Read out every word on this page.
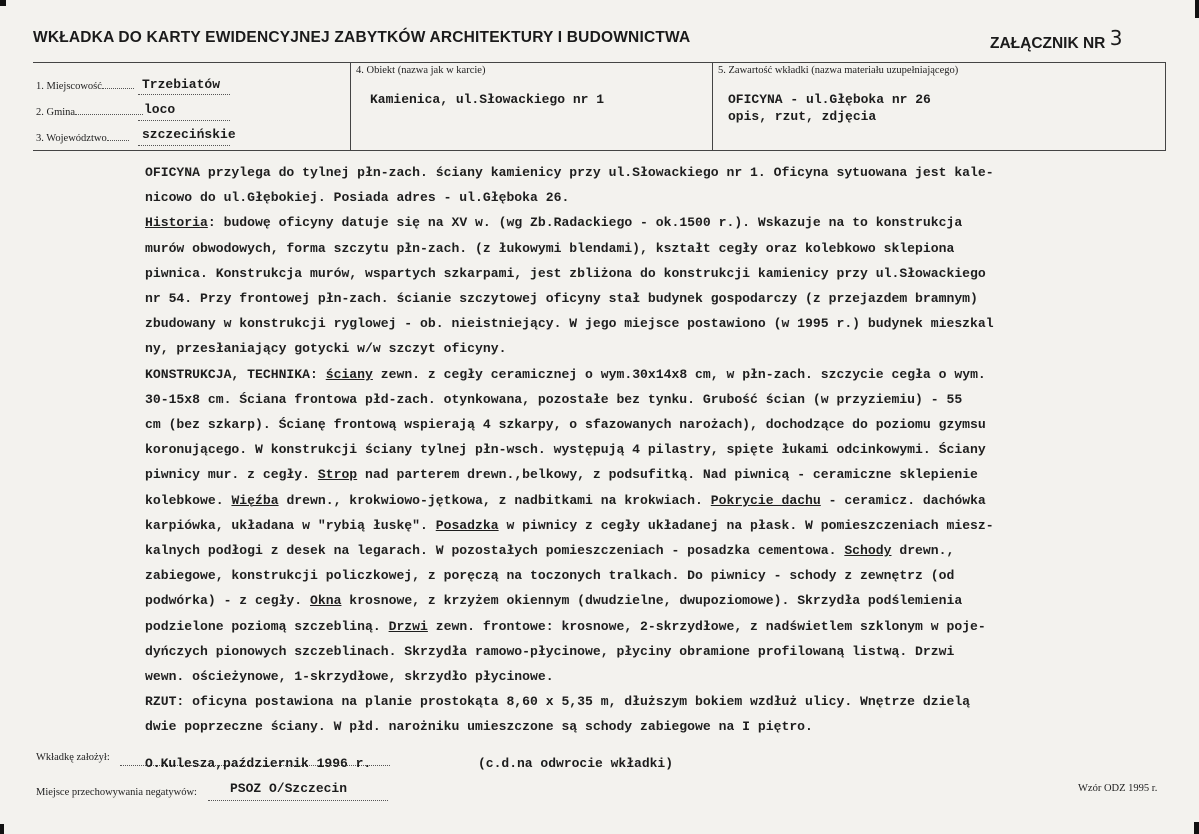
WKŁADKA DO KARTY EWIDENCYJNEJ ZABYTKÓW ARCHITEKTURY I BUDOWNICTWA	ZAŁĄCZNIK NR 3
1. Miejscowość	Trzebiatów
2. Gmina	loco
3. Województwo	szczecińskie
4. Obiekt (nazwa jak w karcie)
Kamienica, ul.Słowackiego nr 1
5. Zawartość wkładki (nazwa materiału uzupełniającego)
OFICYNA - ul.Głęboka nr 26
opis, rzut, zdjęcia

OFICYNA przylega do tylnej płn-zach. ściany kamienicy przy ul.Słowackiego nr 1. Oficyna sytuowana jest kale-

nicowo do ul.Głębokiej. Posiada adres - ul.Głęboka 26.

Historia: budowę oficyny datuje się na XV w. (wg Zb.Radackiego - ok.1500 r.). Wskazuje na to konstrukcja

murów obwodowych, forma szczytu płn-zach. (z łukowymi blendami), kształt cegły oraz kolebkowo sklepiona

piwnica. Konstrukcja murów, wspartych szkarpami, jest zbliżona do konstrukcji kamienicy przy ul.Słowackiego

nr 54. Przy frontowej płn-zach. ścianie szczytowej oficyny stał budynek gospodarczy (z przejazdem bramnym)

zbudowany w konstrukcji ryglowej - ob. nieistniejący. W jego miejsce postawiono (w 1995 r.) budynek mieszkal

ny, przesłaniający gotycki w/w szczyt oficyny.

KONSTRUKCJA, TECHNIKA: ściany zewn. z cegły ceramicznej o wym.30x14x8 cm, w płn-zach. szczycie cegła o wym.

30-15x8 cm. Ściana frontowa płd-zach. otynkowana, pozostałe bez tynku. Grubość ścian (w przyziemiu) - 55

cm (bez szkarp). Ścianę frontową wspierają 4 szkarpy, o sfazowanych narożach), dochodzące do poziomu gzymsu

koronującego. W konstrukcji ściany tylnej płn-wsch. występują 4 pilastry, spięte łukami odcinkowymi. Ściany

piwnicy mur. z cegły. Strop nad parterem drewn.,belkowy, z podsufitką. Nad piwnicą - ceramiczne sklepienie

kolebkowe. Więźba drewn., krokwiowo-jętkowa, z nadbitkami na krokwiach. Pokrycie dachu - ceramicz. dachówka

karpiówka, układana w "rybią łuskę". Posadzka w piwnicy z cegły układanej na płask. W pomieszczeniach miesz-

kalnych podłogi z desek na legarach. W pozostałych pomieszczeniach - posadzka cementowa. Schody drewn.,

zabiegowe, konstrukcji policzkowej, z poręczą na toczonych tralkach. Do piwnicy - schody z zewnętrz (od

podwórka) - z cegły. Okna krosnowe, z krzyżem okiennym (dwudzielne, dwupoziomowe). Skrzydła podślemienia

podzielone poziomą szczebliną. Drzwi zewn. frontowe: krosnowe, 2-skrzydłowe, z nadświetlem szklonym w poje-

dyńczych pionowych szczeblinach. Skrzydła ramowo-płycinowe, płyciny obramione profilowaną listwą. Drzwi

wewn. ościeżynowe, 1-skrzydłowe, skrzydło płycinowe.

RZUT: oficyna postawiona na planie prostokąta 8,60 x 5,35 m, dłuższym bokiem wzdłuż ulicy. Wnętrze dzielą

dwie poprzeczne ściany. W płd. narożniku umieszczone są schody zabiegowe na I piętro.

Wkładkę założył:	O.Kulesza,październik 1996 r.	(c.d.na odwrocie wkładki)
Miejsce przechowywania negatywów:	PSOZ O/Szczecin	Wzór ODZ 1995 r.
